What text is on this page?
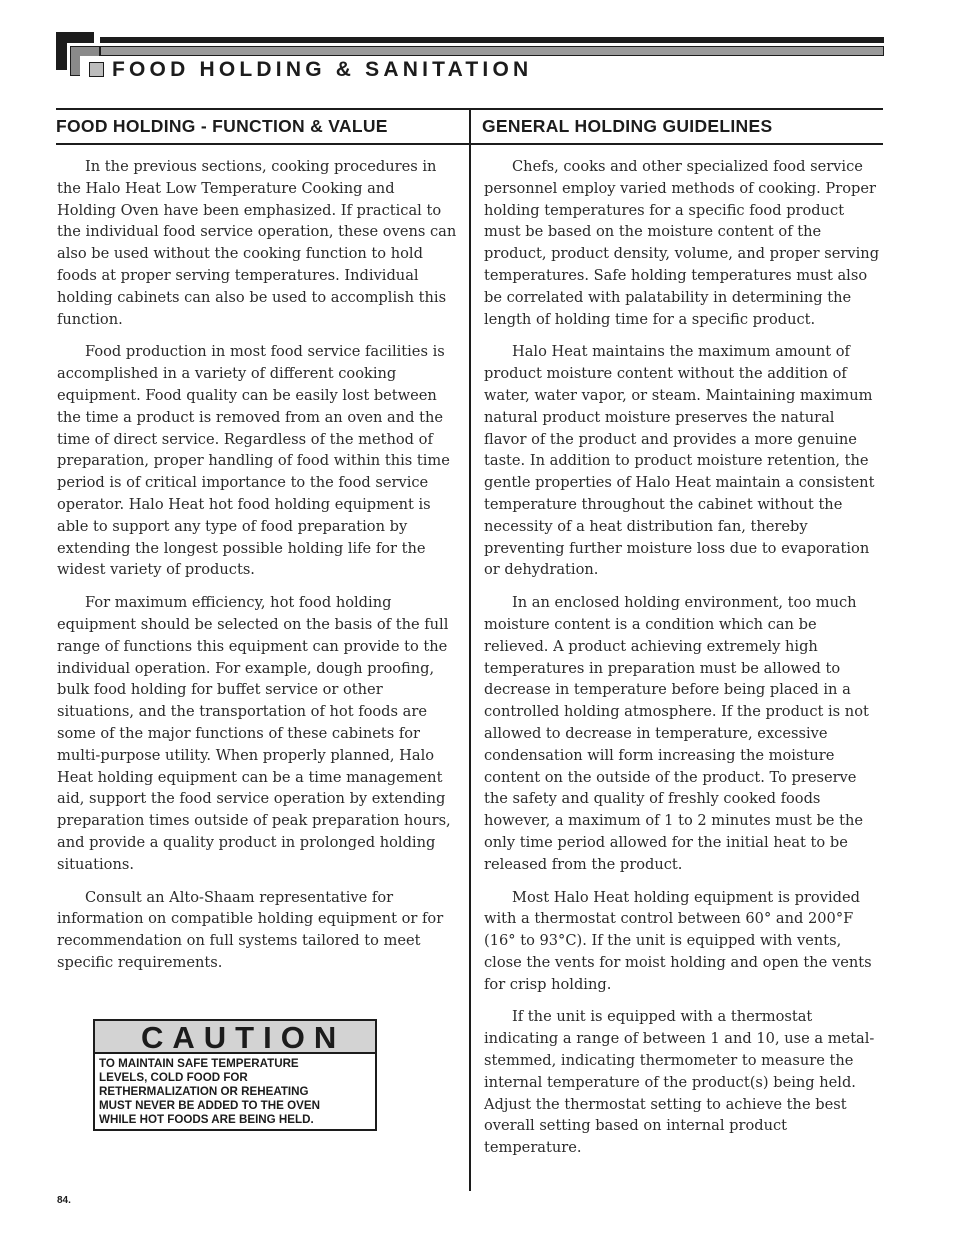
FOOD HOLDING & SANITATION
FOOD HOLDING - FUNCTION & VALUE	GENERAL HOLDING GUIDELINES

In the previous sections, cooking procedures in the Halo Heat Low Temperature Cooking and Holding Oven have been emphasized. If practical to the individual food service operation, these ovens can also be used without the cooking function to hold foods at proper serving temperatures. Individual holding cabinets can also be used to accomplish this function.

Food production in most food service facilities is accomplished in a variety of different cooking equipment. Food quality can be easily lost between the time a product is removed from an oven and the time of direct service. Regardless of the method of preparation, proper handling of food within this time period is of critical importance to the food service operator. Halo Heat hot food holding equipment is able to support any type of food preparation by extending the longest possible holding life for the widest variety of products.

For maximum efficiency, hot food holding equipment should be selected on the basis of the full range of functions this equipment can provide to the individual operation. For example, dough proofing, bulk food holding for buffet service or other situations, and the transportation of hot foods are some of the major functions of these cabinets for multi-purpose utility. When properly planned, Halo Heat holding equipment can be a time management aid, support the food service operation by extending preparation times outside of peak preparation hours, and provide a quality product in prolonged holding situations.

Consult an Alto-Shaam representative for information on compatible holding equipment or for recommendation on full systems tailored to meet specific requirements.

CAUTION
TO MAINTAIN SAFE TEMPERATURE
LEVELS, COLD FOOD FOR
RETHERMALIZATION OR REHEATING
MUST NEVER BE ADDED TO THE OVEN
WHILE HOT FOODS ARE BEING HELD.

Chefs, cooks and other specialized food service personnel employ varied methods of cooking. Proper holding temperatures for a specific food product must be based on the moisture content of the product, product density, volume, and proper serving temperatures. Safe holding temperatures must also be correlated with palatability in determining the length of holding time for a specific product.

Halo Heat maintains the maximum amount of product moisture content without the addition of water, water vapor, or steam. Maintaining maximum natural product moisture preserves the natural flavor of the product and provides a more genuine taste. In addition to product moisture retention, the gentle properties of Halo Heat maintain a consistent temperature throughout the cabinet without the necessity of a heat distribution fan, thereby preventing further moisture loss due to evaporation or dehydration.

In an enclosed holding environment, too much moisture content is a condition which can be relieved. A product achieving extremely high temperatures in preparation must be allowed to decrease in temperature before being placed in a controlled holding atmosphere. If the product is not allowed to decrease in temperature, excessive condensation will form increasing the moisture content on the outside of the product. To preserve the safety and quality of freshly cooked foods however, a maximum of 1 to 2 minutes must be the only time period allowed for the initial heat to be released from the product.

Most Halo Heat holding equipment is provided with a thermostat control between 60° and 200°F (16° to 93°C). If the unit is equipped with vents, close the vents for moist holding and open the vents for crisp holding.

If the unit is equipped with a thermostat indicating a range of between 1 and 10, use a metal-stemmed, indicating thermometer to measure the internal temperature of the product(s) being held. Adjust the thermostat setting to achieve the best overall setting based on internal product temperature.

84.
